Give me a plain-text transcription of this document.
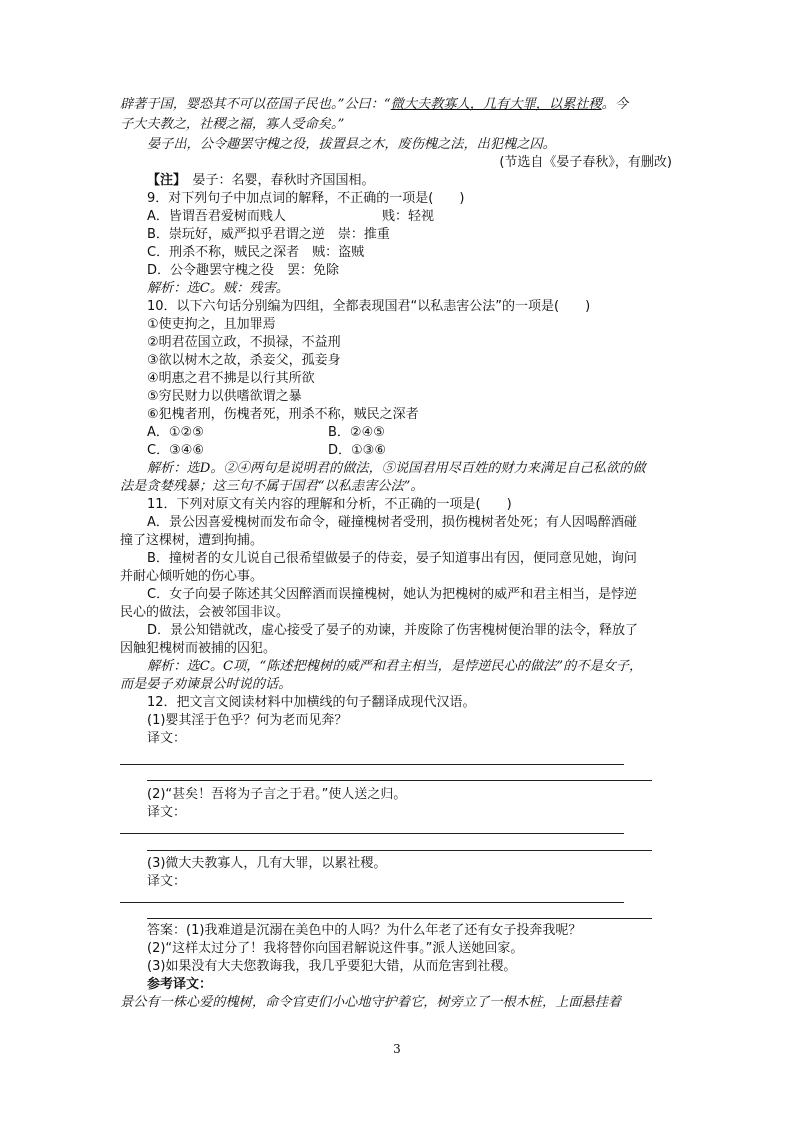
辟著于国，婴恐其不可以莅国子民也。”公曰：“微大夫教寡人，几有大罪，以累社稷。今
子大夫教之，社稷之福，寡人受命矣。”
晏子出，公令趣罢守槐之役，拔置县之木，废伤槐之法，出犯槐之囚。
(节选自《晏子春秋》，有删改)
【注】　 晏子：名婴，春秋时齐国国相。
9．对下列句子中加点词的解释，不正确的一项是(　　)
A．皆谓吾君爱树而贱人	贱：轻视
B．崇玩好，威严拟乎君谓之逆　崇：推重
C．刑杀不称，贼民之深者　贼：盗贼
D．公令趣罢守槐之役　罢：免除
解析：选C。贼：残害。
10．以下六句话分别编为四组，全都表现国君“以私恚害公法”的一项是(　　)
①使吏拘之，且加罪焉
②明君莅国立政，不损禄，不益刑
③欲以树木之故，杀妾父，孤妾身
④明惠之君不拂是以行其所欲
⑤穷民财力以供嗜欲谓之暴
⑥犯槐者刑，伤槐者死，刑杀不称，贼民之深者
A．①②⑤	B．②④⑤
C．③④⑥	D．①③⑥
解析：选D。②④两句是说明君的做法，⑤说国君用尽百姓的财力来满足自己私欲的做
法是贪婪残暴；这三句不属于国君“以私恚害公法”。
11．下列对原文有关内容的理解和分析，不正确的一项是(　　)
A．景公因喜爱槐树而发布命令，碰撞槐树者受刑，损伤槐树者处死；有人因喝醉酒碰
撞了这棵树，遭到拘捕。
B．撞树者的女儿说自己很希望做晏子的侍妾，晏子知道事出有因，便同意见她，询问
并耐心倾听她的伤心事。
C．女子向晏子陈述其父因醉酒而误撞槐树，她认为把槐树的威严和君主相当，是悖逆
民心的做法，会被邻国非议。
D．景公知错就改，虚心接受了晏子的劝谏，并废除了伤害槐树便治罪的法令，释放了
因触犯槐树而被捕的囚犯。
解析：选C。C项，“陈述把槐树的威严和君主相当，是悖逆民心的做法”的不是女子，
而是晏子劝谏景公时说的话。
12．把文言文阅读材料中加横线的句子翻译成现代汉语。
(1)婴其淫于色乎？何为老而见奔？
译文：
(2)“甚矣！吾将为子言之于君。”使人送之归。
译文：
(3)微大夫教寡人，几有大罪，以累社稷。
译文：
答案：(1)我难道是沉溺在美色中的人吗？为什么年老了还有女子投奔我呢？
(2)“这样太过分了！我将替你向国君解说这件事。”派人送她回家。
(3)如果没有大夫您教诲我，我几乎要犯大错，从而危害到社稷。
参考译文：
景公有一株心爱的槐树，命令官吏们小心地守护着它，树旁立了一根木桩，上面悬挂着
3
